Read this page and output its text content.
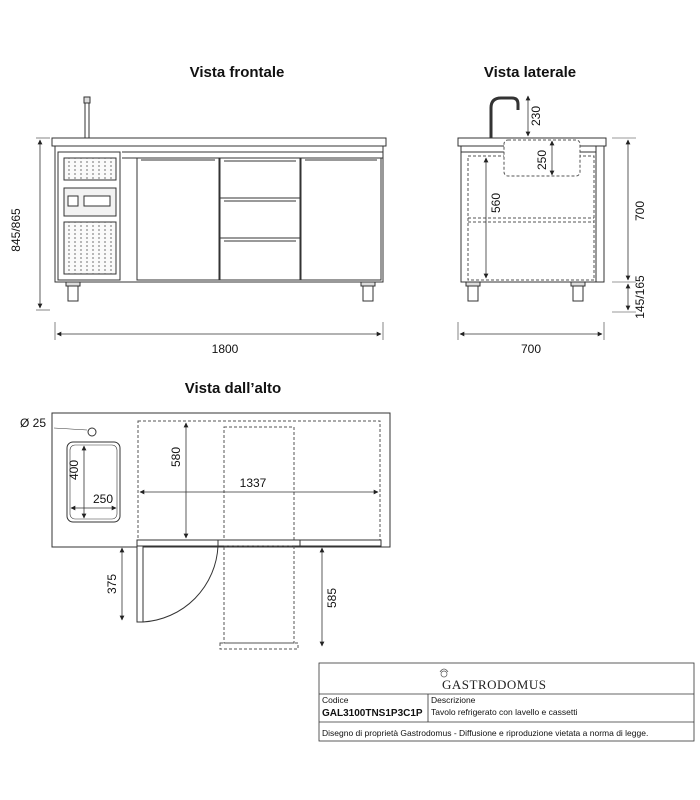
Vista frontale
845/865
1800
Vista laterale
230
250
560	700
145/165
700
Vista dall’alto
Ø 25
400
250
580
1337
375
585
GASTRODOMUS
Codice	Descrizione
GAL3100TNS1P3C1P Tavolo refrigerato con lavello e cassetti
Disegno di proprietà Gastrodomus - Diffusione e riproduzione vietata a norma di legge.
